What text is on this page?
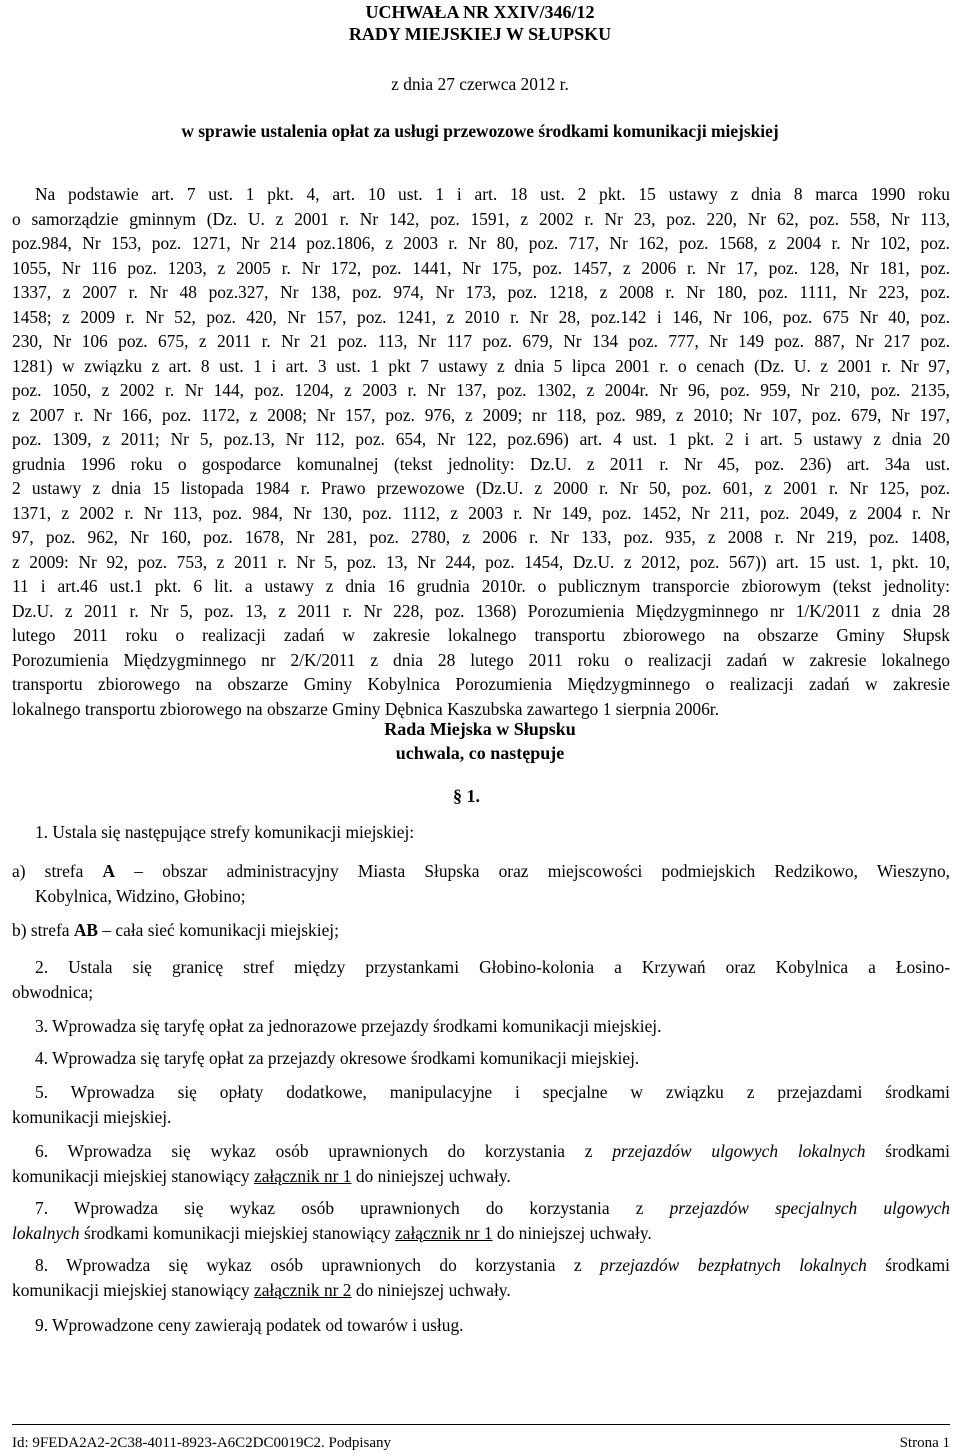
UCHWAŁA NR XXIV/346/12
RADY MIEJSKIEJ W SŁUPSKU
z dnia 27 czerwca 2012 r.
w sprawie ustalenia opłat za usługi przewozowe środkami komunikacji miejskiej
Na podstawie art. 7 ust. 1 pkt. 4, art. 10 ust. 1 i art. 18 ust. 2 pkt. 15 ustawy z dnia 8 marca 1990 roku
o samorządzie gminnym (Dz. U. z 2001 r. Nr 142, poz. 1591, z 2002 r. Nr 23, poz. 220, Nr 62, poz. 558, Nr 113,
poz.984, Nr 153, poz. 1271, Nr 214 poz.1806, z 2003 r. Nr 80, poz. 717, Nr 162, poz. 1568, z 2004 r. Nr 102, poz.
1055, Nr 116 poz. 1203, z 2005 r. Nr 172, poz. 1441, Nr 175, poz. 1457, z 2006 r. Nr 17, poz. 128, Nr 181, poz.
1337, z 2007 r. Nr 48 poz.327, Nr 138, poz. 974, Nr 173, poz. 1218, z 2008 r. Nr 180, poz. 1111, Nr 223, poz.
1458; z 2009 r. Nr 52, poz. 420, Nr 157, poz. 1241, z 2010 r. Nr 28, poz.142 i 146, Nr 106, poz. 675 Nr 40, poz.
230, Nr 106 poz. 675, z 2011 r. Nr 21 poz. 113, Nr 117 poz. 679, Nr 134 poz. 777, Nr 149 poz. 887, Nr 217 poz.
1281) w związku z art. 8 ust. 1 i art. 3 ust. 1 pkt 7 ustawy z dnia 5 lipca 2001 r. o cenach (Dz. U. z 2001 r. Nr 97,
poz. 1050, z 2002 r. Nr 144, poz. 1204, z 2003 r. Nr 137, poz. 1302, z 2004r. Nr 96, poz. 959, Nr 210, poz. 2135,
z 2007 r. Nr 166, poz. 1172, z 2008; Nr 157, poz. 976, z 2009; nr 118, poz. 989, z 2010; Nr 107, poz. 679, Nr 197,
poz. 1309, z 2011; Nr 5, poz.13, Nr 112, poz. 654, Nr 122, poz.696) art. 4 ust. 1 pkt. 2 i art. 5 ustawy z dnia 20
grudnia 1996 roku o gospodarce komunalnej (tekst jednolity: Dz.U. z 2011 r. Nr 45, poz. 236) art. 34a ust.
2 ustawy z dnia 15 listopada 1984 r. Prawo przewozowe (Dz.U. z 2000 r. Nr 50, poz. 601, z 2001 r. Nr 125, poz.
1371, z 2002 r. Nr 113, poz. 984, Nr 130, poz. 1112, z 2003 r. Nr 149, poz. 1452, Nr 211, poz. 2049, z 2004 r. Nr
97, poz. 962, Nr 160, poz. 1678, Nr 281, poz. 2780, z 2006 r. Nr 133, poz. 935, z 2008 r. Nr 219, poz. 1408,
z 2009: Nr 92, poz. 753, z 2011 r. Nr 5, poz. 13, Nr 244, poz. 1454, Dz.U. z 2012, poz. 567)) art. 15 ust. 1, pkt. 10,
11 i art.46 ust.1 pkt. 6 lit. a ustawy z dnia 16 grudnia 2010r. o publicznym transporcie zbiorowym (tekst jednolity:
Dz.U. z 2011 r. Nr 5, poz. 13, z 2011 r. Nr 228, poz. 1368) Porozumienia Międzygminnego nr 1/K/2011 z dnia 28
lutego 2011 roku o realizacji zadań w zakresie lokalnego transportu zbiorowego na obszarze Gminy Słupsk
Porozumienia Międzygminnego nr 2/K/2011 z dnia 28 lutego 2011 roku o realizacji zadań w zakresie lokalnego
transportu zbiorowego na obszarze Gminy Kobylnica Porozumienia Międzygminnego o realizacji zadań w zakresie
lokalnego transportu zbiorowego na obszarze Gminy Dębnica Kaszubska zawartego 1 sierpnia 2006r.
Rada Miejska w Słupsku
uchwala, co następuje
§ 1.
1. Ustala się następujące strefy komunikacji miejskiej:
a) strefa A – obszar administracyjny Miasta Słupska oraz miejscowości podmiejskich Redzikowo, Wieszyno,
Kobylnica, Widzino, Głobino;
b) strefa AB – cała sieć komunikacji miejskiej;
2. Ustala się granicę stref między przystankami Głobino-kolonia a Krzywań oraz Kobylnica a Łosino-
obwodnica;
3. Wprowadza się taryfę opłat za jednorazowe przejazdy środkami komunikacji miejskiej.
4. Wprowadza się taryfę opłat za przejazdy okresowe środkami komunikacji miejskiej.
5. Wprowadza się opłaty dodatkowe, manipulacyjne i specjalne w związku z przejazdami środkami
komunikacji miejskiej.
6. Wprowadza się wykaz osób uprawnionych do korzystania z przejazdów ulgowych lokalnych środkami
komunikacji miejskiej stanowiący załącznik nr 1 do niniejszej uchwały.
7. Wprowadza się wykaz osób uprawnionych do korzystania z przejazdów specjalnych ulgowych
lokalnych środkami komunikacji miejskiej stanowiący załącznik nr 1 do niniejszej uchwały.
8. Wprowadza się wykaz osób uprawnionych do korzystania z przejazdów bezpłatnych lokalnych środkami
komunikacji miejskiej stanowiący załącznik nr 2 do niniejszej uchwały.
9. Wprowadzone ceny zawierają podatek od towarów i usług.
Id: 9FEDA2A2-2C38-4011-8923-A6C2DC0019C2. Podpisany	Strona 1
